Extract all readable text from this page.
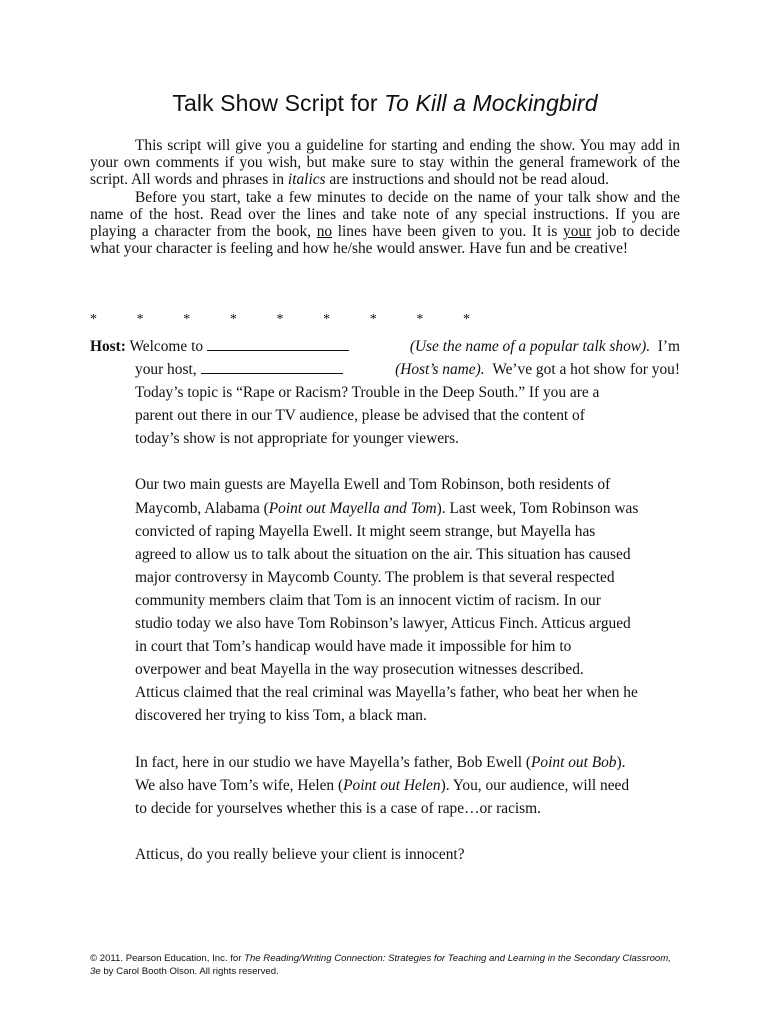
Talk Show Script for To Kill a Mockingbird

This script will give you a guideline for starting and ending the show. You may add in your own comments if you wish, but make sure to stay within the general framework of the script. All words and phrases in italics are instructions and should not be read aloud.

Before you start, take a few minutes to decide on the name of your talk show and the name of the host. Read over the lines and take note of any special instructions. If you are playing a character from the book, no lines have been given to you. It is your job to decide what your character is feeling and how he/she would answer. Have fun and be creative!

*	*	*	*	*	*	*	*	*
Host: Welcome to	(Use the name of a popular talk show). I’m
your host,	(Host’s name). We’ve got a hot show for you!
Today’s topic is “Rape or Racism? Trouble in the Deep South.” If you are a
parent out there in our TV audience, please be advised that the content of
today’s show is not appropriate for younger viewers.
Our two main guests are Mayella Ewell and Tom Robinson, both residents of
Maycomb, Alabama (Point out Mayella and Tom). Last week, Tom Robinson was
convicted of raping Mayella Ewell. It might seem strange, but Mayella has
agreed to allow us to talk about the situation on the air. This situation has caused
major controversy in Maycomb County. The problem is that several respected
community members claim that Tom is an innocent victim of racism. In our
studio today we also have Tom Robinson’s lawyer, Atticus Finch. Atticus argued
in court that Tom’s handicap would have made it impossible for him to
overpower and beat Mayella in the way prosecution witnesses described.
Atticus claimed that the real criminal was Mayella’s father, who beat her when he
discovered her trying to kiss Tom, a black man.
In fact, here in our studio we have Mayella’s father, Bob Ewell (Point out Bob).
We also have Tom’s wife, Helen (Point out Helen). You, our audience, will need
to decide for yourselves whether this is a case of rape…or racism.
Atticus, do you really believe your client is innocent?
© 2011. Pearson Education, Inc. for The Reading/Writing Connection: Strategies for Teaching and Learning in the Secondary Classroom, 3e by Carol Booth Olson. All rights reserved.
